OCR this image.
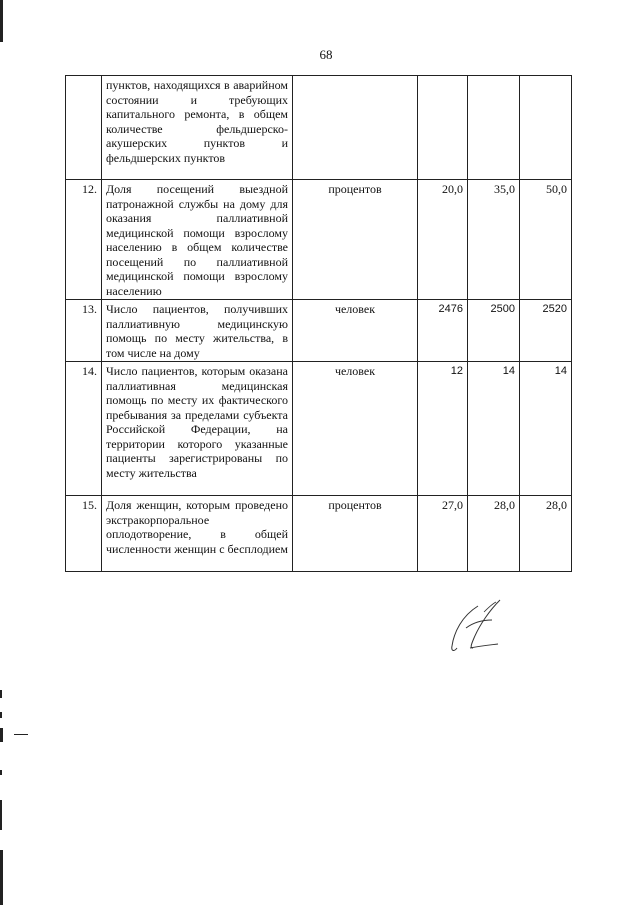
68
	пунктов, находящихся в аварийном состоянии и требующих капитального ремонта, в общем количестве фельдшерско-акушерских пунктов и фельдшерских пунктов				
12.	Доля посещений выездной патронажной службы на дому для оказания паллиативной медицинской помощи взрослому населению в общем количестве посещений по паллиативной медицинской помощи взрослому населению	процентов	20,0	35,0	50,0
13.	Число пациентов, получивших паллиативную медицинскую помощь по месту жительства, в том числе на дому	человек	2476	2500	2520
14.	Число пациентов, которым оказана паллиативная медицинская помощь по месту их фактического пребывания за пределами субъекта Российской Федерации, на территории которого указанные пациенты зарегистрированы по месту жительства	человек	12	14	14
15.	Доля женщин, которым проведено экстракорпоральное оплодотворение, в общей численности женщин с бесплодием	процентов	27,0	28,0	28,0
